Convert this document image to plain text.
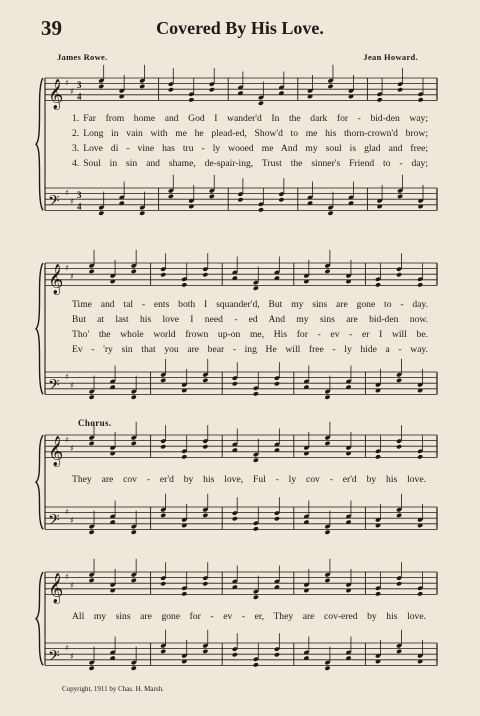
39	Covered By His Love.
James Rowe.	Jean Howard.
𝄞 ♯
♯
3
4
𝄢 ♯
♯
3
4
𝄞 ♯
♯
𝄢 ♯
♯
𝄞 ♯
♯
𝄢 ♯
♯
𝄞 ♯
♯
𝄢 ♯
♯
1. Far from home and God I wander'd In the dark for - bid-den way;
2. Long in vain with me he plead-ed, Show'd to me his thorn-crown'd brow;
3. Love di - vine has tru - ly wooed me And my soul is glad and free;
4. Soul in sin and shame, de-spair-ing, Trust the sinner's Friend to - day;
Time and tal - ents both I squander'd, But my sins are gone to - day.
But at last his love I need - ed And my sins are bid-den now.
Tho' the whole world frown up-on me, His for - ev - er I will be.
Ev - 'ry sin that you are bear - ing He will free - ly hide a - way.
Chorus.
They are cov - er'd by his love, Ful - ly cov - er'd by his love.
All my sins are gone for - ev - er, They are cov-ered by his love.
Copyright, 1911 by Chas. H. Marsh.
